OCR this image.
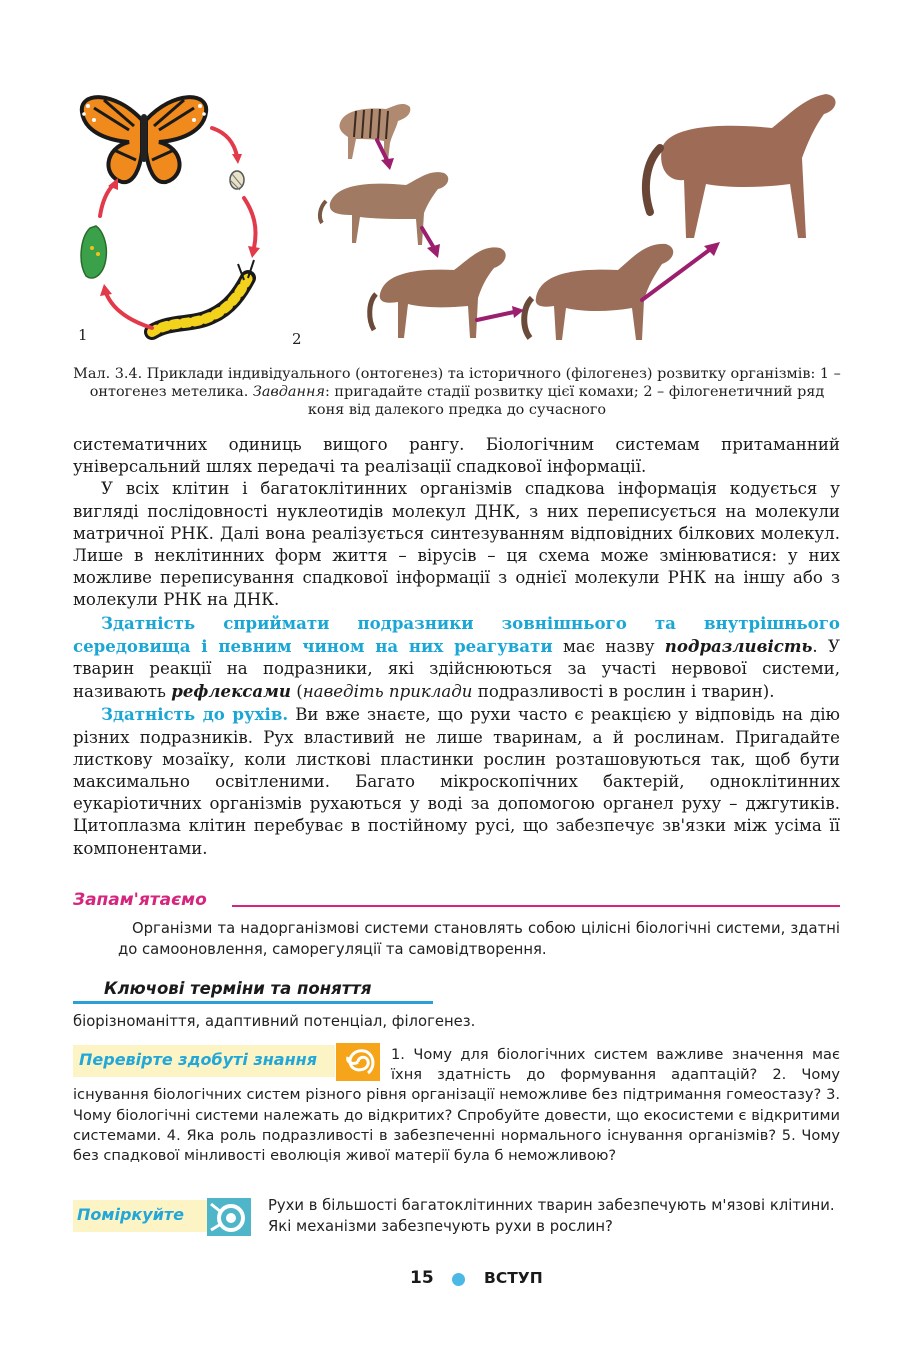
1	2
Мал. 3.4. Приклади індивідуального (онтогенез) та історичного (філогенез) розвитку організмів: 1 – онтогенез метелика. Завдання: пригадайте стадії розвитку цієї комахи; 2 – філогенетичний ряд коня від далекого предка до сучасного

систематичних одиниць вищого рангу. Біологічним системам притаманний універсальний шлях передачі та реалізації спадкової інформації.

У всіх клітин і багатоклітинних організмів спадкова інформація кодується у вигляді послідовності нуклеотидів молекул ДНК, з них переписується на молекули матричної РНК. Далі вона реалізується синтезуванням відповідних білкових молекул. Лише в неклітинних форм життя – вірусів – ця схема може змінюватися: у них можливе переписування спадкової інформації з однієї молекули РНК на іншу або з молекули РНК на ДНК.

Здатність сприймати подразники зовнішнього та внутрішнього середовища і певним чином на них реагувати має назву подразливість. У тварин реакції на подразники, які здійснюються за участі нервової системи, називають рефлексами (наведіть приклади подразливості в рослин і тварин).

Здатність до рухів. Ви вже знаєте, що рухи часто є реакцією у відповідь на дію різних подразників. Рух властивий не лише тваринам, а й рослинам. Пригадайте листкову мозаїку, коли листкові пластинки рослин розташовуються так, щоб бути максимально освітленими. Багато мікроскопічних бактерій, одноклітинних еукаріотичних організмів рухаються у воді за допомогою органел руху – джгутиків. Цитоплазма клітин перебуває в постійному русі, що забезпечує зв'язки між усіма її компонентами.

Запам'ятаємо
Організми та надорганізмові системи становлять собою цілісні біологічні системи, здатні до самооновлення, саморегуляції та самовідтворення.
Ключові терміни та поняття
біорізноманіття, адаптивний потенціал, філогенез.
1. Чому для біологічних систем важливе значення має їхня здатність до формування адаптацій? 2. Чому існування біологічних систем різного рівня організації неможливе без підтримання гомеостазу? 3. Чому біологічні системи належать до відкритих? Спробуйте довести, що екосистеми є відкритими системами. 4. Яка роль подразливості в забезпеченні нормального існування організмів? 5. Чому без спадкової мінливості еволюція живої матерії була б неможливою?
Перевірте здобуті знання
Поміркуйте	Рухи в більшості багатоклітинних тварин забезпечують м'язові клітини. Які механізми забезпечують рухи в рослин?
15	ВСТУП
